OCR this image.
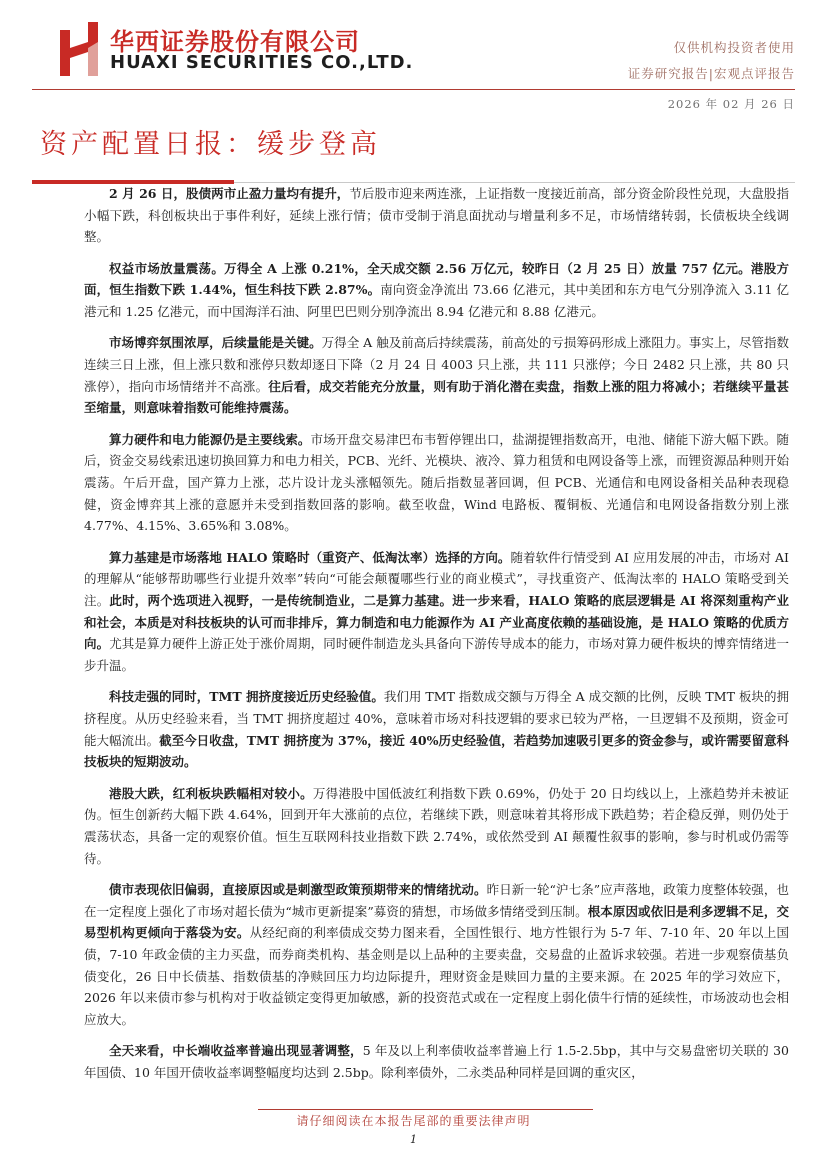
华西证券股份有限公司
HUAXI SECURITIES CO.,LTD.
仅供机构投资者使用
证券研究报告|宏观点评报告
2026 年 02 月 26 日
资产配置日报：缓步登高

2 月 26 日，股债两市止盈力量均有提升，节后股市迎来两连涨，上证指数一度接近前高，部分资金阶段性兑现，大盘股指小幅下跌，科创板块出于事件利好，延续上涨行情；债市受制于消息面扰动与增量利多不足，市场情绪转弱，长债板块全线调整。

权益市场放量震荡。万得全 A 上涨 0.21%，全天成交额 2.56 万亿元，较昨日（2 月 25 日）放量 757 亿元。港股方面，恒生指数下跌 1.44%，恒生科技下跌 2.87%。南向资金净流出 73.66 亿港元，其中美团和东方电气分别净流入 3.11 亿港元和 1.25 亿港元，而中国海洋石油、阿里巴巴则分别净流出 8.94 亿港元和 8.88 亿港元。

市场博弈氛围浓厚，后续量能是关键。万得全 A 触及前高后持续震荡，前高处的亏损筹码形成上涨阻力。事实上，尽管指数连续三日上涨，但上涨只数和涨停只数却逐日下降（2 月 24 日 4003 只上涨，共 111 只涨停；今日 2482 只上涨，共 80 只涨停），指向市场情绪并不高涨。往后看，成交若能充分放量，则有助于消化潜在卖盘，指数上涨的阻力将减小；若继续平量甚至缩量，则意味着指数可能维持震荡。

算力硬件和电力能源仍是主要线索。市场开盘交易津巴布韦暂停锂出口，盐湖提锂指数高开，电池、储能下游大幅下跌。随后，资金交易线索迅速切换回算力和电力相关，PCB、光纤、光模块、液冷、算力租赁和电网设备等上涨，而锂资源品种则开始震荡。午后开盘，国产算力上涨，芯片设计龙头涨幅领先。随后指数显著回调，但 PCB、光通信和电网设备相关品种表现稳健，资金博弈其上涨的意愿并未受到指数回落的影响。截至收盘，Wind 电路板、覆铜板、光通信和电网设备指数分别上涨 4.77%、4.15%、3.65%和 3.08%。

算力基建是市场落地 HALO 策略时（重资产、低淘汰率）选择的方向。随着软件行情受到 AI 应用发展的冲击，市场对 AI 的理解从“能够帮助哪些行业提升效率”转向“可能会颠覆哪些行业的商业模式”，寻找重资产、低淘汰率的 HALO 策略受到关注。此时，两个选项进入视野，一是传统制造业，二是算力基建。进一步来看，HALO 策略的底层逻辑是 AI 将深刻重构产业和社会，本质是对科技板块的认可而非排斥，算力制造和电力能源作为 AI 产业高度依赖的基础设施，是 HALO 策略的优质方向。尤其是算力硬件上游正处于涨价周期，同时硬件制造龙头具备向下游传导成本的能力，市场对算力硬件板块的博弈情绪进一步升温。

科技走强的同时，TMT 拥挤度接近历史经验值。我们用 TMT 指数成交额与万得全 A 成交额的比例，反映 TMT 板块的拥挤程度。从历史经验来看，当 TMT 拥挤度超过 40%，意味着市场对科技逻辑的要求已较为严格，一旦逻辑不及预期，资金可能大幅流出。截至今日收盘，TMT 拥挤度为 37%，接近 40%历史经验值，若趋势加速吸引更多的资金参与，或许需要留意科技板块的短期波动。

港股大跌，红利板块跌幅相对较小。万得港股中国低波红利指数下跌 0.69%，仍处于 20 日均线以上，上涨趋势并未被证伪。恒生创新药大幅下跌 4.64%，回到开年大涨前的点位，若继续下跌，则意味着其将形成下跌趋势；若企稳反弹，则仍处于震荡状态，具备一定的观察价值。恒生互联网科技业指数下跌 2.74%，或依然受到 AI 颠覆性叙事的影响，参与时机或仍需等待。

债市表现依旧偏弱，直接原因或是刺激型政策预期带来的情绪扰动。昨日新一轮“沪七条”应声落地，政策力度整体较强，也在一定程度上强化了市场对超长债为“城市更新提案”募资的猜想，市场做多情绪受到压制。根本原因或依旧是利多逻辑不足，交易型机构更倾向于落袋为安。从经纪商的利率债成交势力图来看，全国性银行、地方性银行为 5-7 年、7-10 年、20 年以上国债，7-10 年政金债的主力买盘，而券商类机构、基金则是以上品种的主要卖盘，交易盘的止盈诉求较强。若进一步观察债基负债变化，26 日中长债基、指数债基的净赎回压力均边际提升，理财资金是赎回力量的主要来源。在 2025 年的学习效应下，2026 年以来债市参与机构对于收益锁定变得更加敏感，新的投资范式或在一定程度上弱化债牛行情的延续性，市场波动也会相应放大。

全天来看，中长端收益率普遍出现显著调整，5 年及以上利率债收益率普遍上行 1.5-2.5bp，其中与交易盘密切关联的 30 年国债、10 年国开债收益率调整幅度均达到 2.5bp。除利率债外，二永类品种同样是回调的重灾区，

请仔细阅读在本报告尾部的重要法律声明
1
